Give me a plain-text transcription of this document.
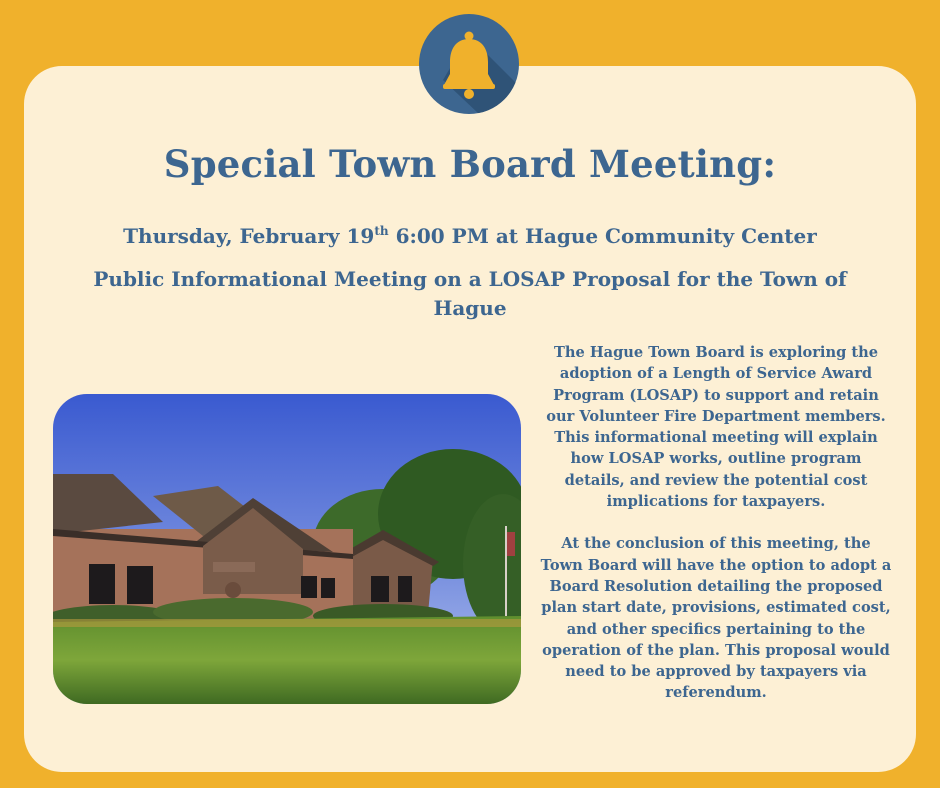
Special Town Board Meeting:
Thursday, February 19th 6:00 PM at Hague Community Center
Public Informational Meeting on a LOSAP Proposal for the Town of Hague

The Hague Town Board is exploring the adoption of a Length of Service Award Program (LOSAP) to support and retain our Volunteer Fire Department members. This informational meeting will explain how LOSAP works, outline program details, and review the potential cost implications for taxpayers.

At the conclusion of this meeting, the Town Board will have the option to adopt a Board Resolution detailing the proposed plan start date, provisions, estimated cost, and other specifics pertaining to the operation of the plan. This proposal would need to be approved by taxpayers via referendum.
